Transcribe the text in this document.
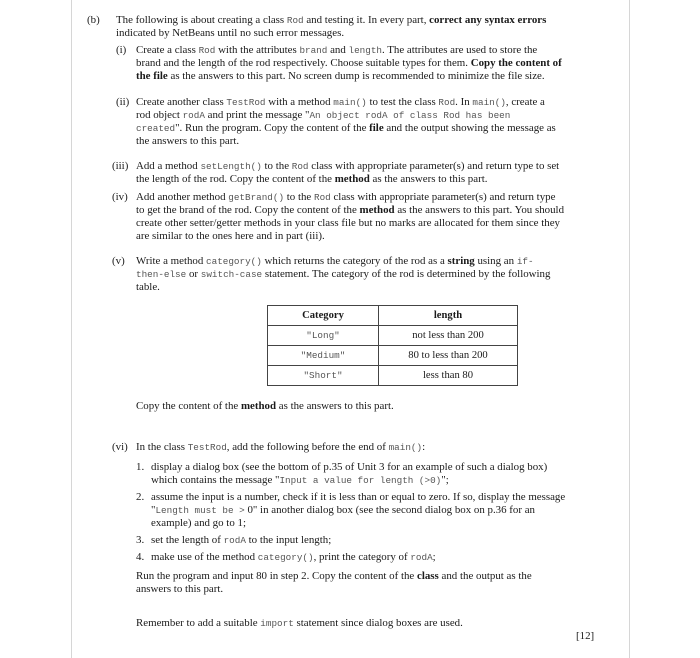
(b) The following is about creating a class Rod and testing it. In every part, correct any syntax errors
indicated by NetBeans until no such error messages.
(i) Create a class Rod with the attributes brand and length. The attributes are used to store the
brand and the length of the rod respectively. Choose suitable types for them. Copy the content of
the file as the answers to this part. No screen dump is recommended to minimize the file size.
(ii) Create another class TestRod with a method main() to test the class Rod. In main(), create a
rod object rodA and print the message "An object rodA of class Rod has been
created". Run the program. Copy the content of the file and the output showing the message as
the answers to this part.
(iii) Add a method setLength() to the Rod class with appropriate parameter(s) and return type to set
the length of the rod. Copy the content of the method as the answers to this part.
(iv) Add another method getBrand() to the Rod class with appropriate parameter(s) and return type
to get the brand of the rod. Copy the content of the method as the answers to this part. You should
create other setter/getter methods in your class file but no marks are allocated for them since they
are similar to the ones here and in part (iii).
(v) Write a method category() which returns the category of the rod as a string using an if-
then-else or switch-case statement. The category of the rod is determined by the following
table.
Category	length
"Long"	not less than 200
"Medium"	80 to less than 200
"Short"	less than 80
Copy the content of the method as the answers to this part.
(vi) In the class TestRod, add the following before the end of main():
1. display a dialog box (see the bottom of p.35 of Unit 3 for an example of such a dialog box)
which contains the message "Input a value for length (>0)";
2. assume the input is a number, check if it is less than or equal to zero. If so, display the message
"Length must be > 0" in another dialog box (see the second dialog box on p.36 for an
example) and go to 1;
3. set the length of rodA to the input length;
4. make use of the method category(), print the category of rodA;
Run the program and input 80 in step 2. Copy the content of the class and the output as the
answers to this part.
Remember to add a suitable import statement since dialog boxes are used.
[12]
